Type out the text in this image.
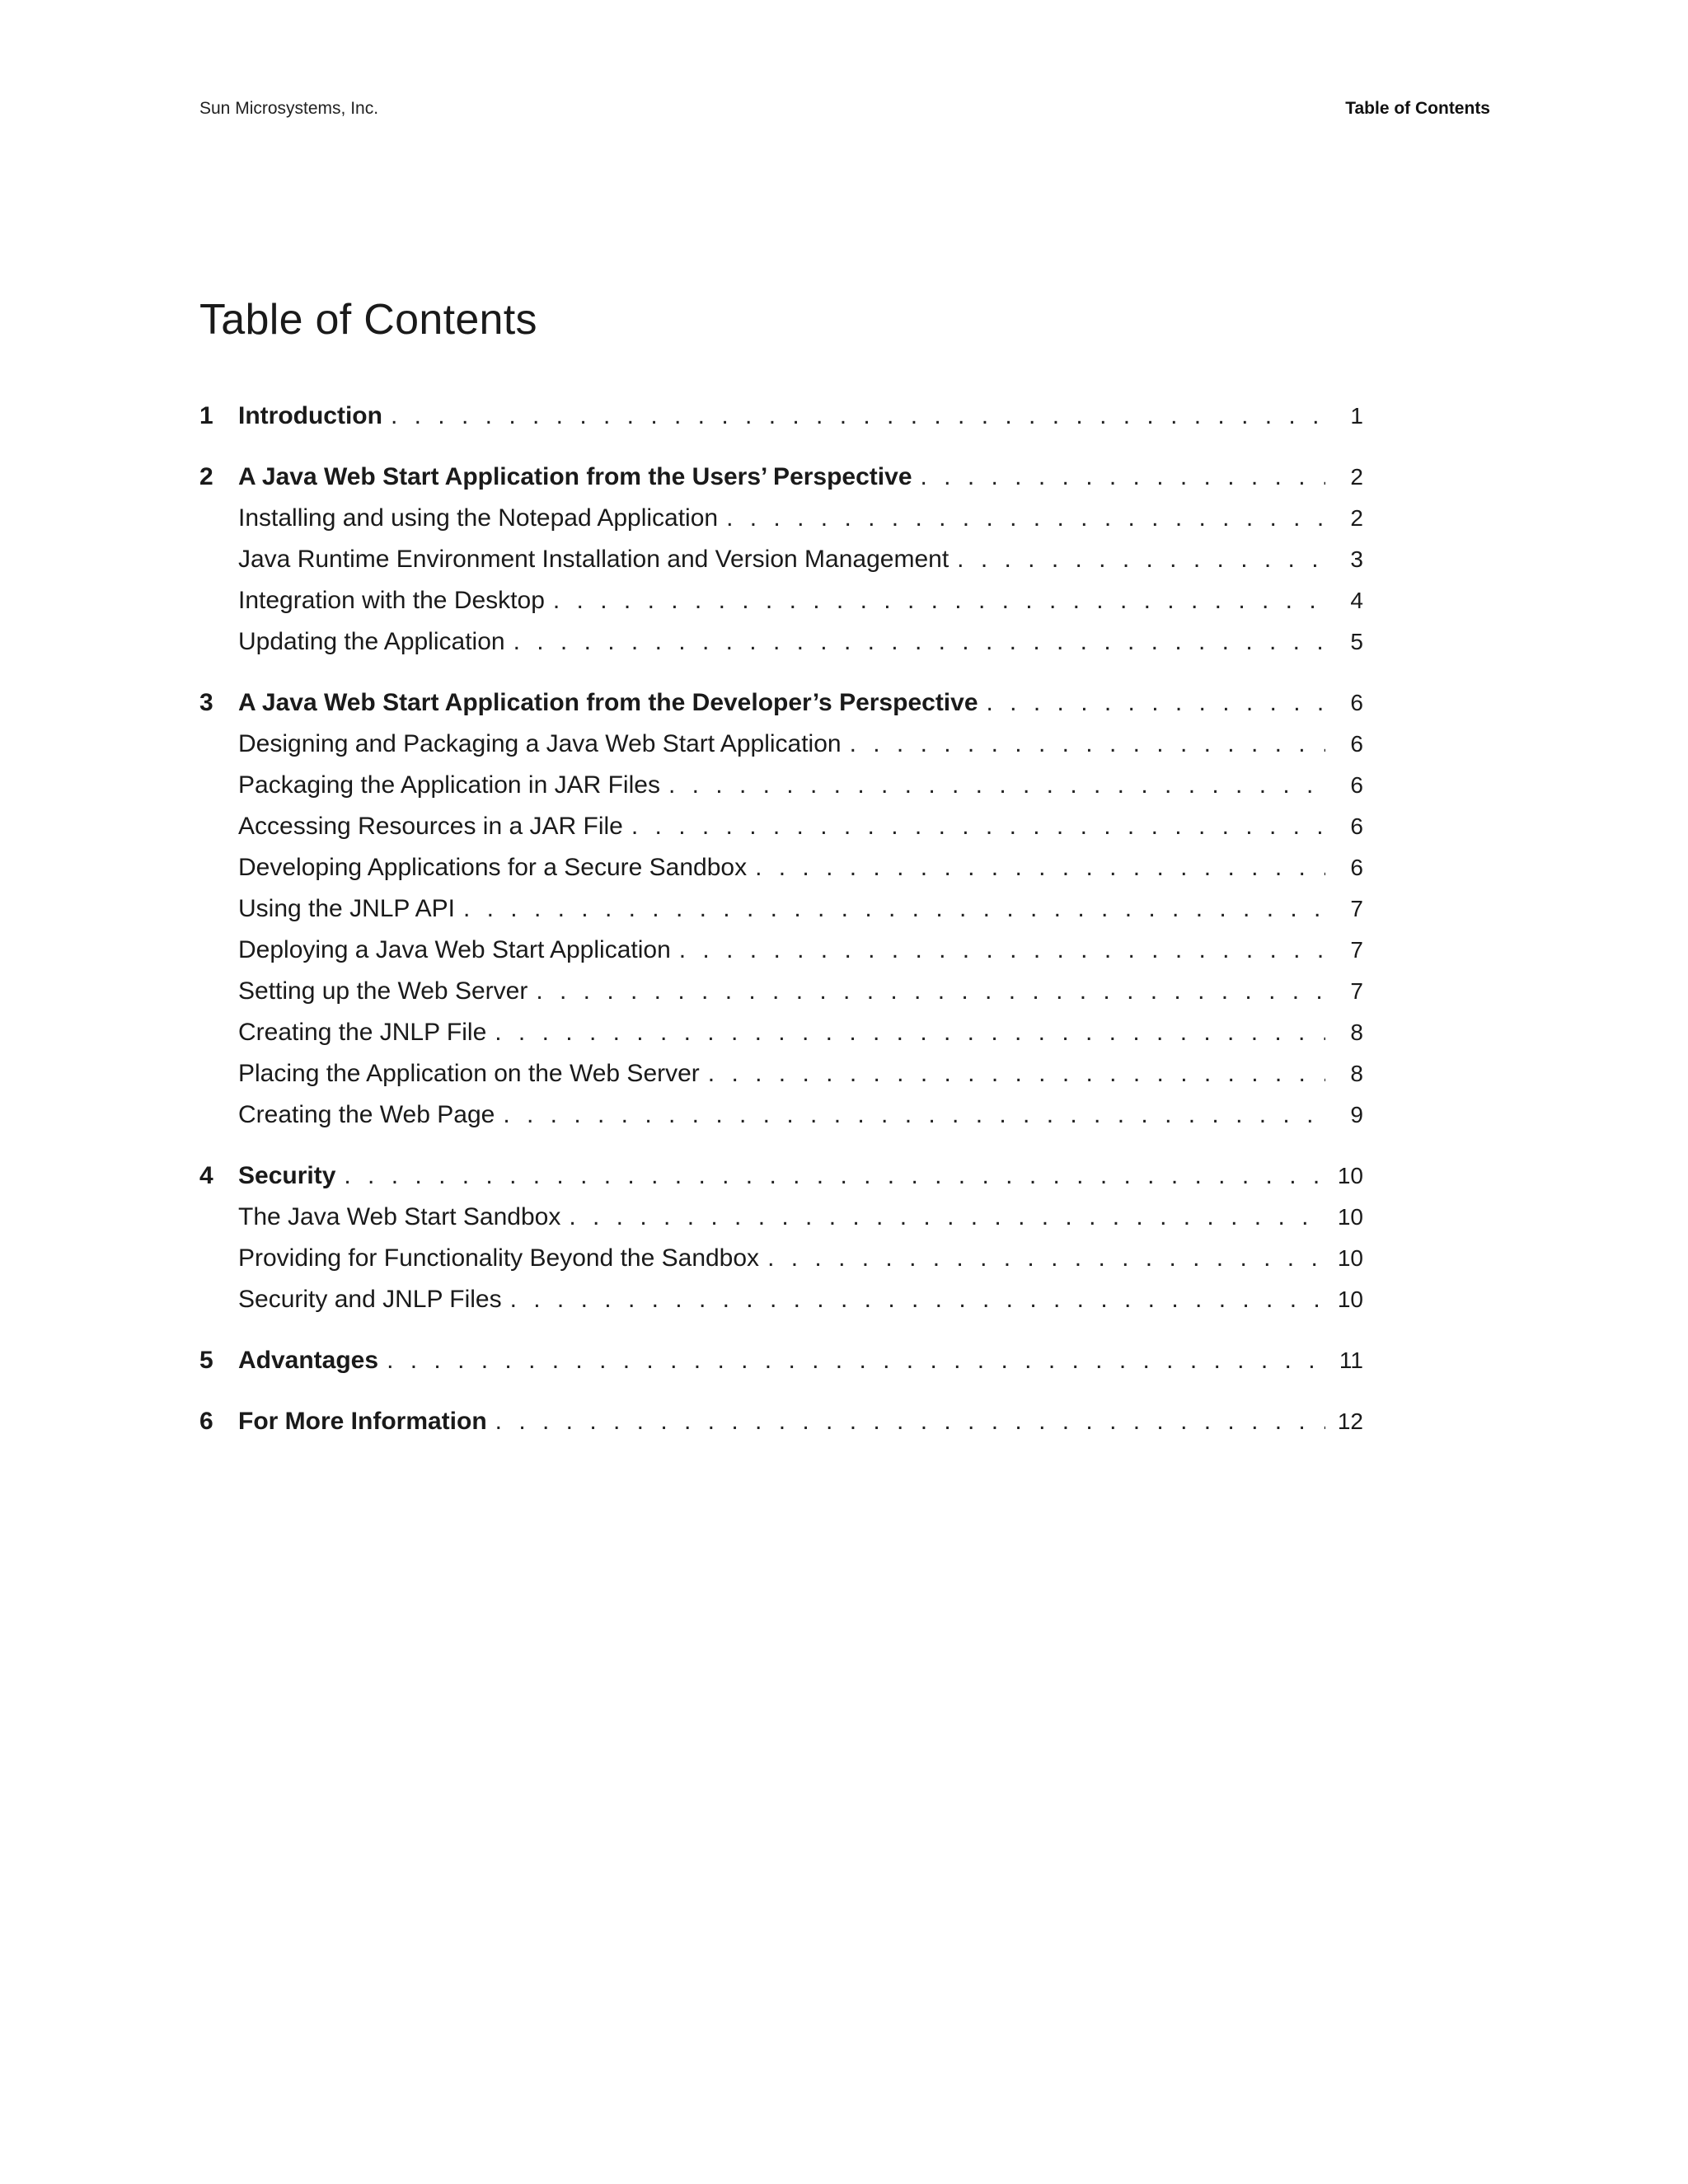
Sun Microsystems, Inc.	Table of Contents
Table of Contents
1	Introduction . . .	1
2	A Java Web Start Application from the Users’ Perspective . . .	2
Installing and using the Notepad Application . . .	2
Java Runtime Environment Installation and Version Management . . .	3
Integration with the Desktop . . .	4
Updating the Application . . .	5
3	A Java Web Start Application from the Developer’s Perspective . . .	6
Designing and Packaging a Java Web Start Application . . .	6
Packaging the Application in JAR Files . . .	6
Accessing Resources in a JAR File . . .	6
Developing Applications for a Secure Sandbox . . .	6
Using the JNLP API . . .	7
Deploying a Java Web Start Application . . .	7
Setting up the Web Server . . .	7
Creating the JNLP File . . .	8
Placing the Application on the Web Server . . .	8
Creating the Web Page . . .	9
4	Security . . .	10
The Java Web Start Sandbox . . .	10
Providing for Functionality Beyond the Sandbox . . .	10
Security and JNLP Files . . .	10
5	Advantages . . .	11
6	For More Information . . .	12
